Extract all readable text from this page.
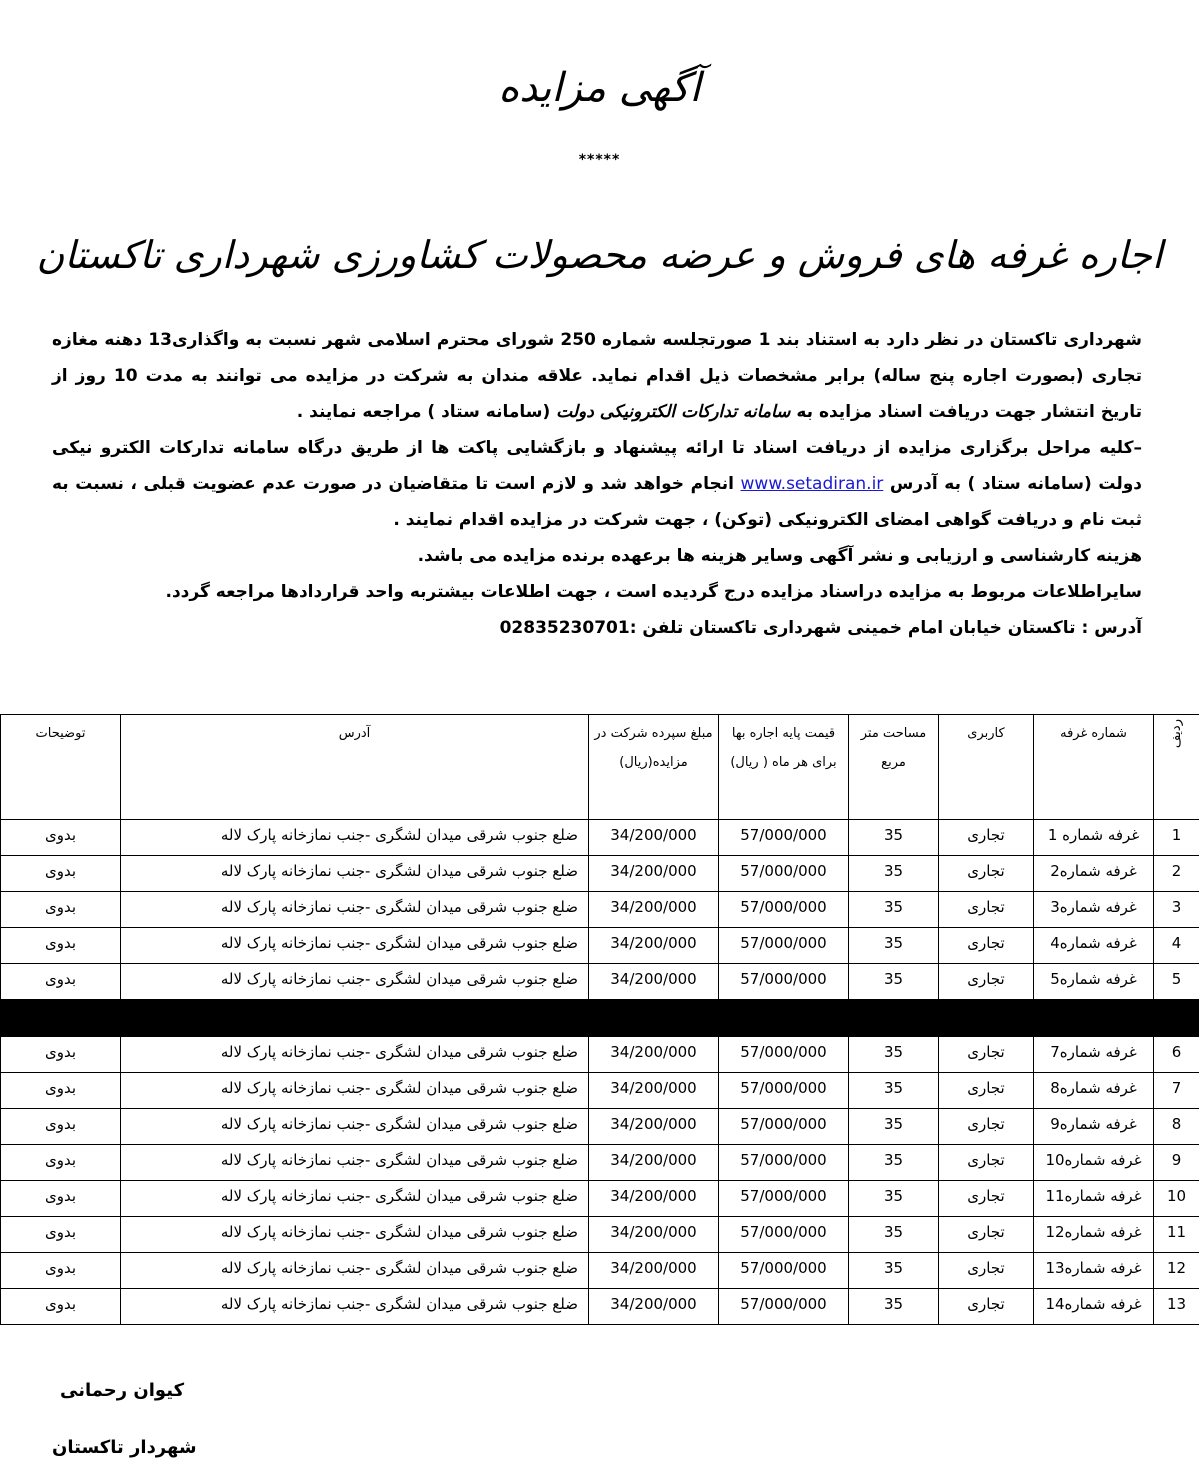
آگهی مزایده
*****
اجاره غرفه های فروش و عرضه محصولات کشاورزی شهرداری تاکستان

شهرداری تاکستان در نظر دارد به استناد بند 1 صورتجلسه شماره 250 شورای محترم اسلامی شهر نسبت به واگذاری13 دهنه مغازه تجاری (بصورت اجاره پنج ساله) برابر مشخصات ذیل اقدام نماید. علاقه مندان به شرکت در مزایده می توانند به مدت 10 روز از تاریخ انتشار جهت دریافت اسناد مزایده به سامانه تدارکات الکترونیکی دولت (سامانه ستاد ) مراجعه نمایند .

–کلیه مراحل برگزاری مزایده از دریافت اسناد تا ارائه پیشنهاد و بازگشایی پاکت ها از طریق درگاه سامانه تدارکات الکترو نیکی دولت (سامانه ستاد ) به آدرس www.setadiran.ir انجام خواهد شد و لازم است تا متقاضیان در صورت عدم عضویت قبلی ، نسبت به ثبت نام و دریافت گواهی امضای الکترونیکی (توکن) ، جهت شرکت در مزایده اقدام نمایند .

هزینه کارشناسی و ارزیابی و نشر آگهی وسایر هزینه ها برعهده برنده مزایده می باشد.

سایراطلاعات مربوط به مزایده دراسناد مزایده درج گردیده است ، جهت اطلاعات بیشتربه واحد قراردادها مراجعه گردد.

آدرس : تاکستان خیابان امام خمینی شهرداری تاکستان تلفن :02835230701

ردیف	شماره غرفه	کاربری	مساحت متر مربع	قیمت پایه اجاره بها برای هر ماه ( ریال)	مبلغ سپرده شرکت در مزایده(ریال)	آدرس	توضیحات
1	غرفه شماره 1	تجاری	35	57/000/000	34/200/000	ضلع جنوب شرقی میدان لشگری -جنب نمازخانه پارک لاله	بدوی
2	غرفه شماره2	تجاری	35	57/000/000	34/200/000	ضلع جنوب شرقی میدان لشگری -جنب نمازخانه پارک لاله	بدوی
3	غرفه شماره3	تجاری	35	57/000/000	34/200/000	ضلع جنوب شرقی میدان لشگری -جنب نمازخانه پارک لاله	بدوی
4	غرفه شماره4	تجاری	35	57/000/000	34/200/000	ضلع جنوب شرقی میدان لشگری -جنب نمازخانه پارک لاله	بدوی
5	غرفه شماره5	تجاری	35	57/000/000	34/200/000	ضلع جنوب شرقی میدان لشگری -جنب نمازخانه پارک لاله	بدوی

6	غرفه شماره7	تجاری	35	57/000/000	34/200/000	ضلع جنوب شرقی میدان لشگری -جنب نمازخانه پارک لاله	بدوی
7	غرفه شماره8	تجاری	35	57/000/000	34/200/000	ضلع جنوب شرقی میدان لشگری -جنب نمازخانه پارک لاله	بدوی
8	غرفه شماره9	تجاری	35	57/000/000	34/200/000	ضلع جنوب شرقی میدان لشگری -جنب نمازخانه پارک لاله	بدوی
9	غرفه شماره10	تجاری	35	57/000/000	34/200/000	ضلع جنوب شرقی میدان لشگری -جنب نمازخانه پارک لاله	بدوی
10	غرفه شماره11	تجاری	35	57/000/000	34/200/000	ضلع جنوب شرقی میدان لشگری -جنب نمازخانه پارک لاله	بدوی
11	غرفه شماره12	تجاری	35	57/000/000	34/200/000	ضلع جنوب شرقی میدان لشگری -جنب نمازخانه پارک لاله	بدوی
12	غرفه شماره13	تجاری	35	57/000/000	34/200/000	ضلع جنوب شرقی میدان لشگری -جنب نمازخانه پارک لاله	بدوی
13	غرفه شماره14	تجاری	35	57/000/000	34/200/000	ضلع جنوب شرقی میدان لشگری -جنب نمازخانه پارک لاله	بدوی
کیوان رحمانی
شهردار تاکستان
